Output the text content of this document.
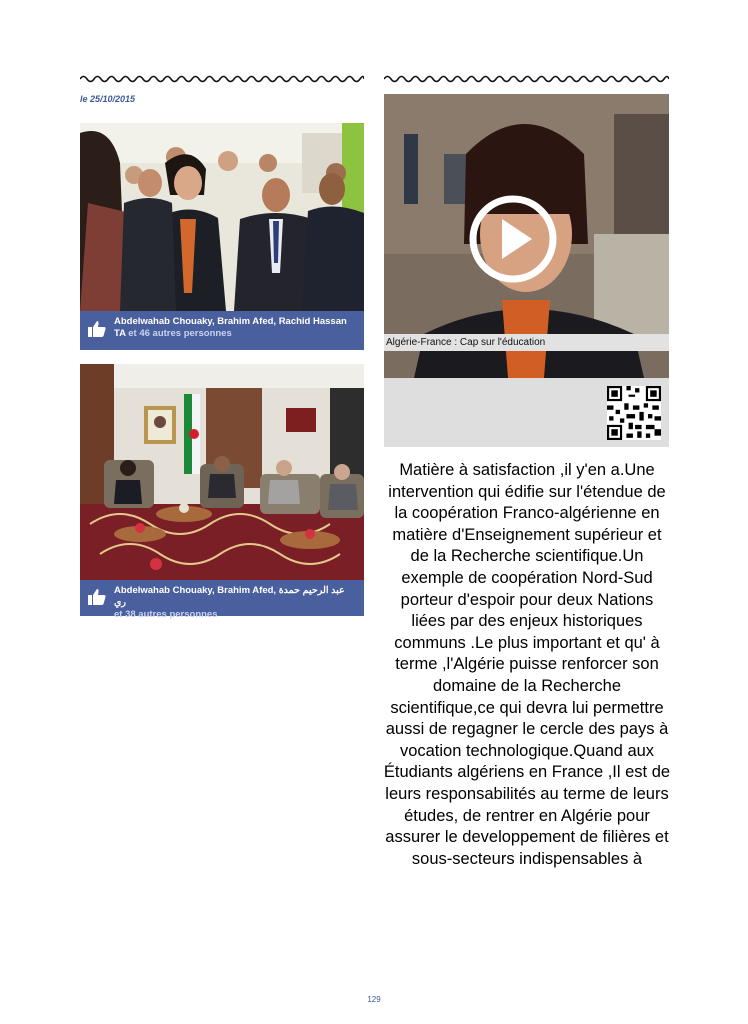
le 25/10/2015
Abdelwahab Chouaky, Brahim Afed, Rachid Hassan TA et 46 autres personnes
Abdelwahab Chouaky, Brahim Afed, عبد الرحيم حمدة ري
et 38 autres personnes
Algérie-France : Cap sur l'éducation
Matière à satisfaction ,il y'en a.Une intervention qui édifie sur l'étendue de la coopération Franco-algérienne en matière d'Enseignement supérieur et de la Recherche scientifique.Un exemple de coopération Nord-Sud porteur d'espoir pour deux Nations liées par des enjeux historiques communs .Le plus important et qu' à terme ,l'Algérie puisse renforcer son domaine de la Recherche scientifique,ce qui devra lui permettre aussi de regagner le cercle des pays à vocation technologique.Quand aux Étudiants algériens en France ,Il est de leurs responsabilités au terme de leurs études, de rentrer en Algérie pour assurer le developpement de filières et sous-secteurs indispensables à
129
